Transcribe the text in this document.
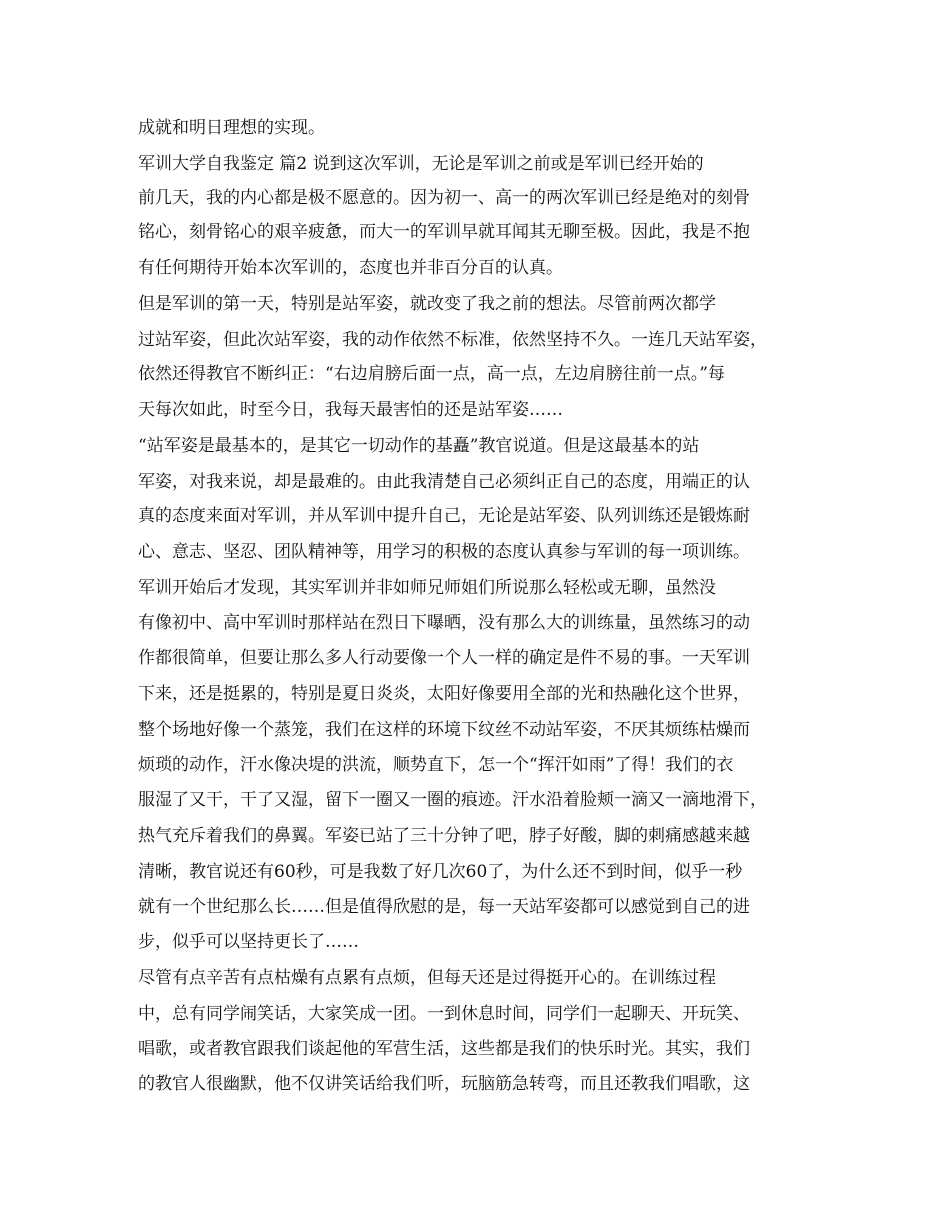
成就和明日理想的实现。

军训大学自我鉴定 篇2 说到这次军训，无论是军训之前或是军训已经开始的

前几天，我的内心都是极不愿意的。因为初一、高一的两次军训已经是绝对的刻骨

铭心，刻骨铭心的艰辛疲惫，而大一的军训早就耳闻其无聊至极。因此，我是不抱

有任何期待开始本次军训的，态度也并非百分百的认真。

但是军训的第一天，特别是站军姿，就改变了我之前的想法。尽管前两次都学

过站军姿，但此次站军姿，我的动作依然不标准，依然坚持不久。一连几天站军姿，

依然还得教官不断纠正：“右边肩膀后面一点，高一点，左边肩膀往前一点。”每

天每次如此，时至今日，我每天最害怕的还是站军姿……

“站军姿是最基本的，是其它一切动作的基矗”教官说道。但是这最基本的站

军姿，对我来说，却是最难的。由此我清楚自己必须纠正自己的态度，用端正的认

真的态度来面对军训，并从军训中提升自己，无论是站军姿、队列训练还是锻炼耐

心、意志、坚忍、团队精神等，用学习的积极的态度认真参与军训的每一项训练。

军训开始后才发现，其实军训并非如师兄师姐们所说那么轻松或无聊，虽然没

有像初中、高中军训时那样站在烈日下曝晒，没有那么大的训练量，虽然练习的动

作都很简单，但要让那么多人行动要像一个人一样的确定是件不易的事。一天军训

下来，还是挺累的，特别是夏日炎炎，太阳好像要用全部的光和热融化这个世界，

整个场地好像一个蒸笼，我们在这样的环境下纹丝不动站军姿，不厌其烦练枯燥而

烦琐的动作，汗水像决堤的洪流，顺势直下，怎一个“挥汗如雨”了得！我们的衣

服湿了又干，干了又湿，留下一圈又一圈的痕迹。汗水沿着脸颊一滴又一滴地滑下，

热气充斥着我们的鼻翼。军姿已站了三十分钟了吧，脖子好酸，脚的刺痛感越来越

清晰，教官说还有60秒，可是我数了好几次60了，为什么还不到时间，似乎一秒

就有一个世纪那么长……但是值得欣慰的是，每一天站军姿都可以感觉到自己的进

步，似乎可以坚持更长了……

尽管有点辛苦有点枯燥有点累有点烦，但每天还是过得挺开心的。在训练过程

中，总有同学闹笑话，大家笑成一团。一到休息时间，同学们一起聊天、开玩笑、

唱歌，或者教官跟我们谈起他的军营生活，这些都是我们的快乐时光。其实，我们

的教官人很幽默，他不仅讲笑话给我们听，玩脑筋急转弯，而且还教我们唱歌，这
